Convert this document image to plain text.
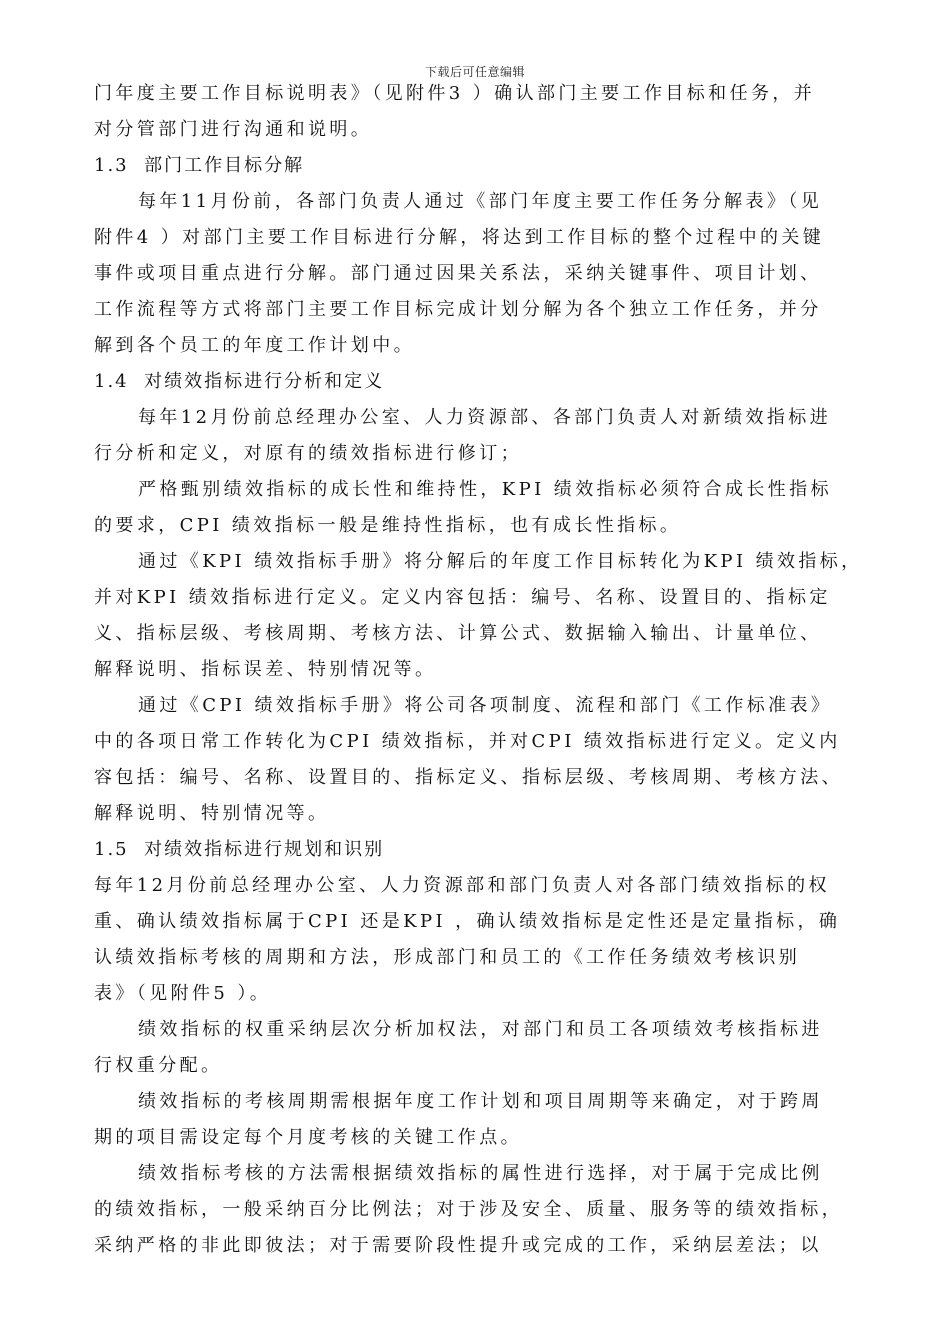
下载后可任意编辑
门年度主要工作目标说明表》（见附件3 ）确认部门主要工作目标和任务，并
对分管部门进行沟通和说明。
1.3  部门工作目标分解
每年11月份前，各部门负责人通过《部门年度主要工作任务分解表》（见
附件4 ）对部门主要工作目标进行分解，将达到工作目标的整个过程中的关键
事件或项目重点进行分解。部门通过因果关系法，采纳关键事件、项目计划、
工作流程等方式将部门主要工作目标完成计划分解为各个独立工作任务，并分
解到各个员工的年度工作计划中。
1.4  对绩效指标进行分析和定义
每年12月份前总经理办公室、人力资源部、各部门负责人对新绩效指标进
行分析和定义，对原有的绩效指标进行修订；
严格甄别绩效指标的成长性和维持性，KPI 绩效指标必须符合成长性指标
的要求，CPI 绩效指标一般是维持性指标，也有成长性指标。
通过《KPI 绩效指标手册》将分解后的年度工作目标转化为KPI 绩效指标，
并对KPI 绩效指标进行定义。定义内容包括：编号、名称、设置目的、指标定
义、指标层级、考核周期、考核方法、计算公式、数据输入输出、计量单位、
解释说明、指标误差、特别情况等。
通过《CPI 绩效指标手册》将公司各项制度、流程和部门《工作标准表》
中的各项日常工作转化为CPI 绩效指标，并对CPI 绩效指标进行定义。定义内
容包括：编号、名称、设置目的、指标定义、指标层级、考核周期、考核方法、
解释说明、特别情况等。
1.5  对绩效指标进行规划和识别
每年12月份前总经理办公室、人力资源部和部门负责人对各部门绩效指标的权
重、确认绩效指标属于CPI 还是KPI ，确认绩效指标是定性还是定量指标，确
认绩效指标考核的周期和方法，形成部门和员工的《工作任务绩效考核识别
表》（见附件5 ）。
绩效指标的权重采纳层次分析加权法，对部门和员工各项绩效考核指标进
行权重分配。
绩效指标的考核周期需根据年度工作计划和项目周期等来确定，对于跨周
期的项目需设定每个月度考核的关键工作点。
绩效指标考核的方法需根据绩效指标的属性进行选择，对于属于完成比例
的绩效指标，一般采纳百分比例法；对于涉及安全、质量、服务等的绩效指标，
采纳严格的非此即彼法；对于需要阶段性提升或完成的工作，采纳层差法；以
